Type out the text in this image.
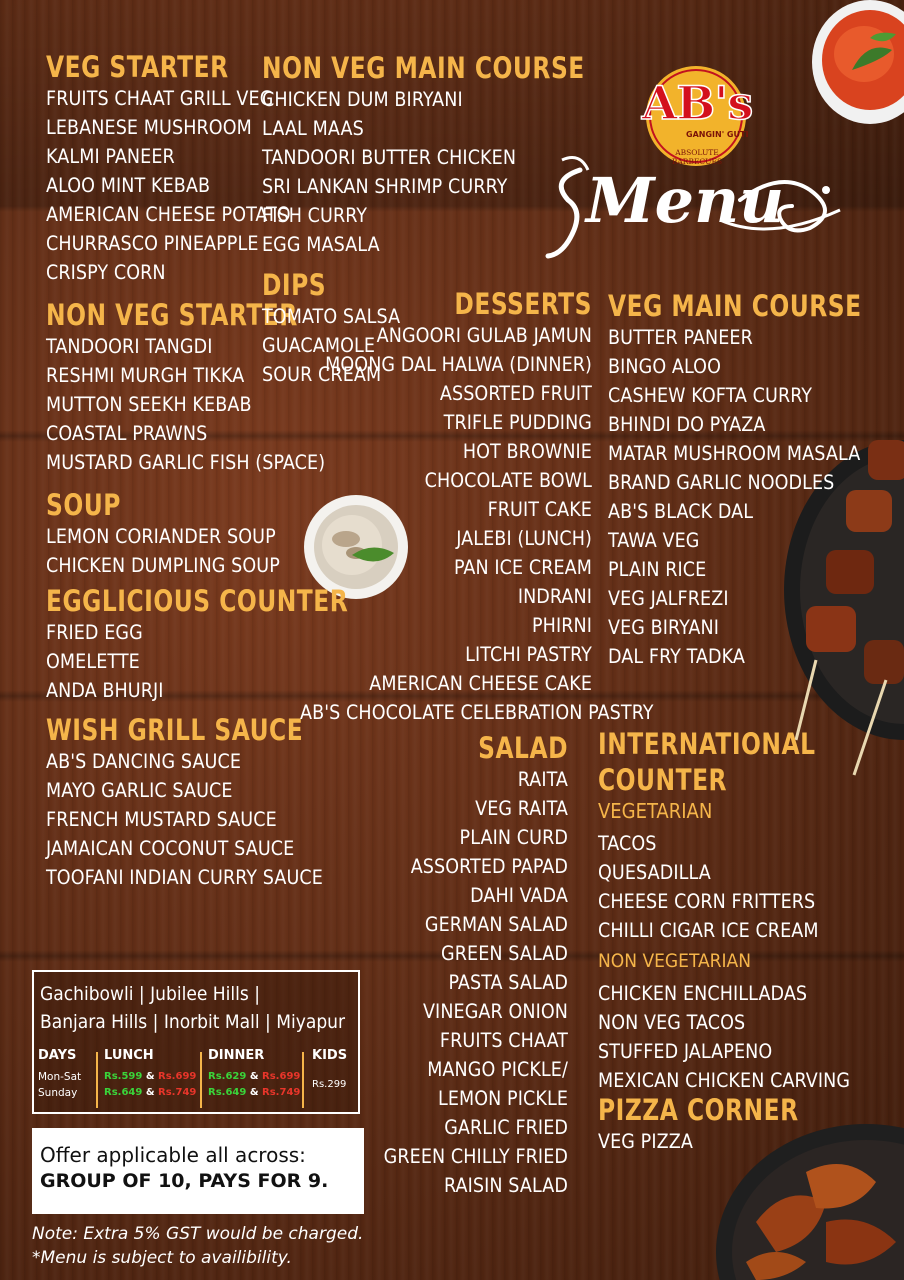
AB's
GANGIN' GUTI
ABSOLUTE BARBECUES
Menu
VEG STARTER
FRUITS CHAAT GRILL VEG
LEBANESE MUSHROOM
KALMI PANEER
ALOO MINT KEBAB
AMERICAN CHEESE POTATO
CHURRASCO PINEAPPLE
CRISPY CORN
NON VEG STARTER
TANDOORI TANGDI
RESHMI MURGH TIKKA
MUTTON SEEKH KEBAB
COASTAL PRAWNS
MUSTARD GARLIC FISH (SPACE)
SOUP
LEMON CORIANDER SOUP
CHICKEN DUMPLING SOUP
EGGLICIOUS COUNTER
FRIED EGG
OMELETTE
ANDA BHURJI
WISH GRILL SAUCE
AB'S DANCING SAUCE
MAYO GARLIC SAUCE
FRENCH MUSTARD SAUCE
JAMAICAN COCONUT SAUCE
TOOFANI INDIAN CURRY SAUCE
NON VEG MAIN COURSE
CHICKEN DUM BIRYANI
LAAL MAAS
TANDOORI BUTTER CHICKEN
SRI LANKAN SHRIMP CURRY
FISH CURRY
EGG MASALA
DIPS
TOMATO SALSA
GUACAMOLE
SOUR CREAM
DESSERTS
ANGOORI GULAB JAMUN
MOONG DAL HALWA (DINNER)
ASSORTED FRUIT
TRIFLE PUDDING
HOT BROWNIE
CHOCOLATE BOWL
FRUIT CAKE
JALEBI (LUNCH)
PAN ICE CREAM
INDRANI
PHIRNI
LITCHI PASTRY
AMERICAN CHEESE CAKE
AB'S CHOCOLATE CELEBRATION PASTRY
VEG MAIN COURSE
BUTTER PANEER
BINGO ALOO
CASHEW KOFTA CURRY
BHINDI DO PYAZA
MATAR MUSHROOM MASALA
BRAND GARLIC NOODLES
AB'S BLACK DAL
TAWA VEG
PLAIN RICE
VEG JALFREZI
VEG BIRYANI
DAL FRY TADKA
SALAD
RAITA
VEG RAITA
PLAIN CURD
ASSORTED PAPAD
DAHI VADA
GERMAN SALAD
GREEN SALAD
PASTA SALAD
VINEGAR ONION
FRUITS CHAAT
MANGO PICKLE/
LEMON PICKLE
GARLIC FRIED
GREEN CHILLY FRIED
RAISIN SALAD
INTERNATIONAL COUNTER
VEGETARIAN
TACOS
QUESADILLA
CHEESE CORN FRITTERS
CHILLI CIGAR ICE CREAM
NON VEGETARIAN
CHICKEN ENCHILLADAS
NON VEG TACOS
STUFFED JALAPENO
MEXICAN CHICKEN CARVING
PIZZA CORNER
VEG PIZZA
Gachibowli | Jubilee Hills |
Banjara Hills | Inorbit Mall | Miyapur
DAYS
Mon-Sat
Sunday
LUNCH
Rs.599 & Rs.699
Rs.649 & Rs.749
DINNER
Rs.629 & Rs.699
Rs.649 & Rs.749
KIDS
Rs.299
Offer applicable all across:
GROUP OF 10, PAYS FOR 9.
Note: Extra 5% GST would be charged.
*Menu is subject to availibility.
